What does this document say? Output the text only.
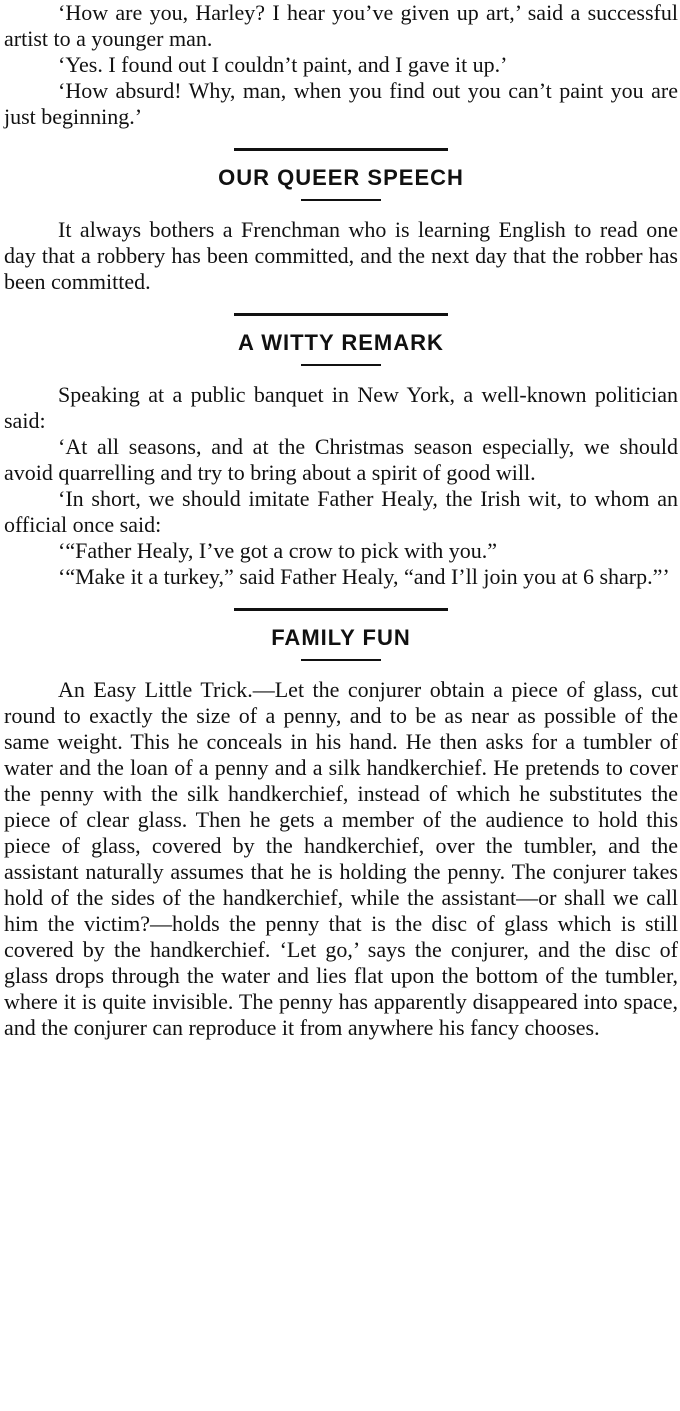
‘How are you, Harley? I hear you’ve given up art,’ said a successful artist to a younger man.

‘Yes. I found out I couldn’t paint, and I gave it up.’

‘How absurd! Why, man, when you find out you can’t paint you are just beginning.’

OUR QUEER SPEECH

It always bothers a Frenchman who is learning English to read one day that a robbery has been committed, and the next day that the robber has been committed.

A WITTY REMARK

Speaking at a public banquet in New York, a well-known politician said:

‘At all seasons, and at the Christmas season especially, we should avoid quarrelling and try to bring about a spirit of good will.

‘In short, we should imitate Father Healy, the Irish wit, to whom an official once said:

‘“Father Healy, I’ve got a crow to pick with you.”

‘“Make it a turkey,” said Father Healy, “and I’ll join you at 6 sharp.”’

FAMILY FUN

An Easy Little Trick.—Let the conjurer obtain a piece of glass, cut round to exactly the size of a penny, and to be as near as possible of the same weight. This he conceals in his hand. He then asks for a tumbler of water and the loan of a penny and a silk handkerchief. He pretends to cover the penny with the silk handkerchief, instead of which he substitutes the piece of clear glass. Then he gets a member of the audience to hold this piece of glass, covered by the handkerchief, over the tumbler, and the assistant naturally assumes that he is holding the penny. The conjurer takes hold of the sides of the handkerchief, while the assistant—or shall we call him the victim?—holds the penny that is the disc of glass which is still covered by the handkerchief. ‘Let go,’ says the conjurer, and the disc of glass drops through the water and lies flat upon the bottom of the tumbler, where it is quite invisible. The penny has apparently disappeared into space, and the conjurer can reproduce it from anywhere his fancy chooses.
